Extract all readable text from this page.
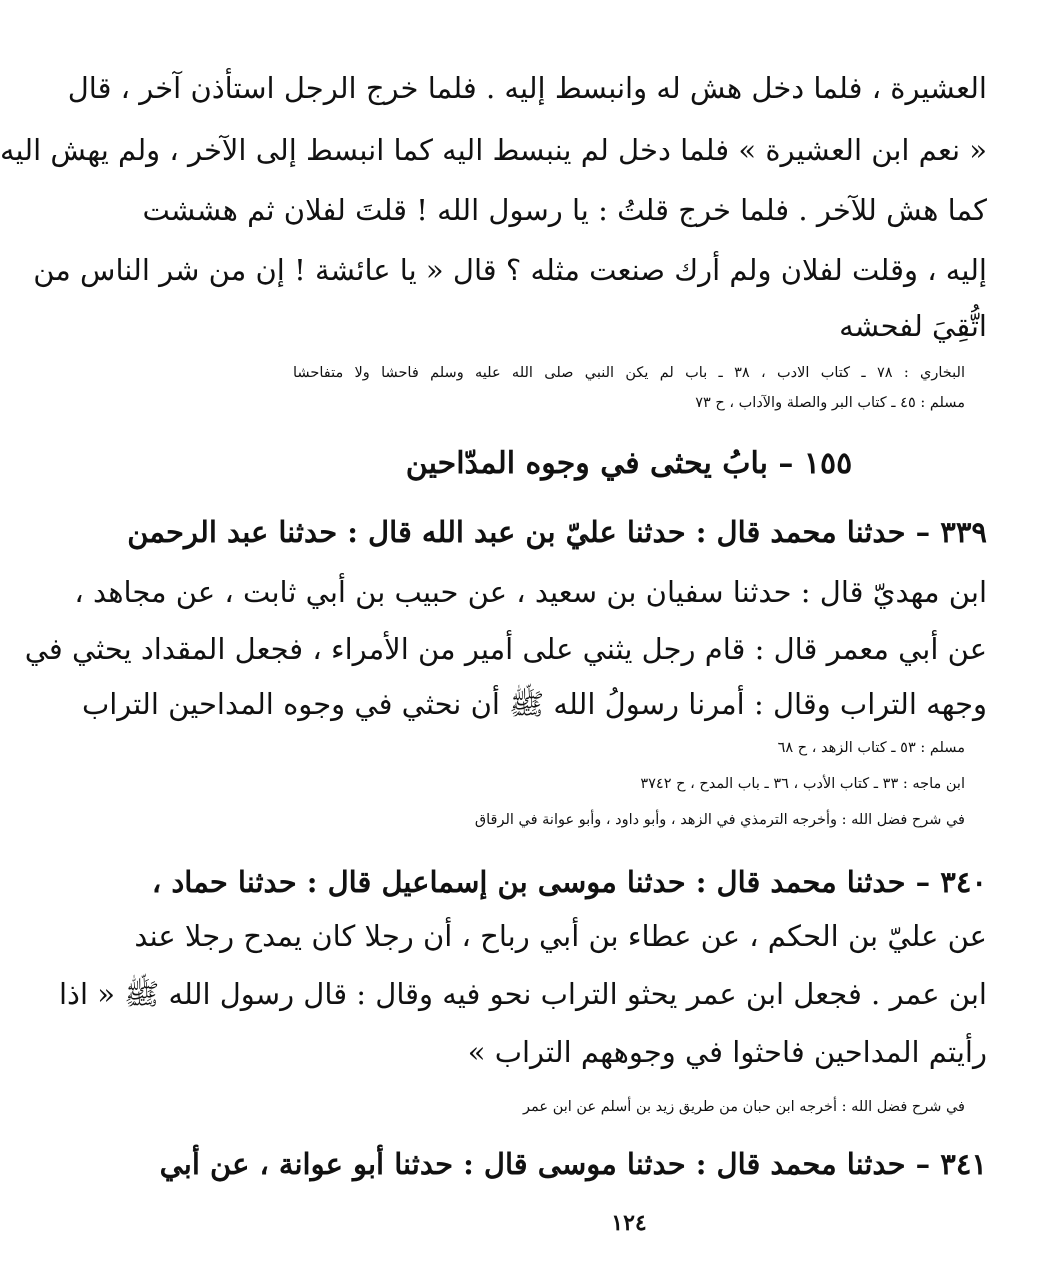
العشيرة ، فلما دخل هش له وانبسط إليه . فلما خرج الرجل استأذن آخر ، قال
« نعم ابن العشيرة » فلما دخل لم ينبسط اليه كما انبسط إلى الآخر ، ولم يهش اليه
كما هش للآخر . فلما خرج قلتُ : يا رسول الله ! قلتَ لفلان ثم هششت
إليه ، وقلت لفلان ولم أرك صنعت مثله ؟ قال « يا عائشة ! إن من شر الناس من
اتُّقِيَ لفحشه
البخاري : ٧٨ ـ كتاب الادب ، ٣٨ ـ باب لم يكن النبي صلى الله عليه وسلم فاحشا ولا متفاحشا
مسلم : ٤٥ ـ كتاب البر والصلة والآداب ، ح ٧٣
١٥٥ – بابُ يحثى في وجوه المدّاحين
٣٣٩ – حدثنا محمد قال : حدثنا عليّ بن عبد الله قال : حدثنا عبد الرحمن
ابن مهديّ قال : حدثنا سفيان بن سعيد ، عن حبيب بن أبي ثابت ، عن مجاهد ،
عن أبي معمر قال : قام رجل يثني على أمير من الأمراء ، فجعل المقداد يحثي في
وجهه التراب وقال : أمرنا رسولُ الله ﷺ أن نحثي في وجوه المداحين التراب
مسلم : ٥٣ ـ كتاب الزهد ، ح ٦٨
ابن ماجه : ٣٣ ـ كتاب الأدب ، ٣٦ ـ باب المدح ، ح ٣٧٤٢
في شرح فضل الله : وأخرجه الترمذي في الزهد ، وأبو داود ، وأبو عوانة في الرقاق
٣٤٠ – حدثنا محمد قال : حدثنا موسى بن إسماعيل قال : حدثنا حماد ،
عن عليّ بن الحكم ، عن عطاء بن أبي رباح ، أن رجلا كان يمدح رجلا عند
ابن عمر . فجعل ابن عمر يحثو التراب نحو فيه وقال : قال رسول الله ﷺ « اذا
رأيتم المداحين فاحثوا في وجوههم التراب »
في شرح فضل الله : أخرجه ابن حبان من طريق زيد بن أسلم عن ابن عمر
٣٤١ – حدثنا محمد قال : حدثنا موسى قال : حدثنا أبو عوانة ، عن أبي
١٢٤
